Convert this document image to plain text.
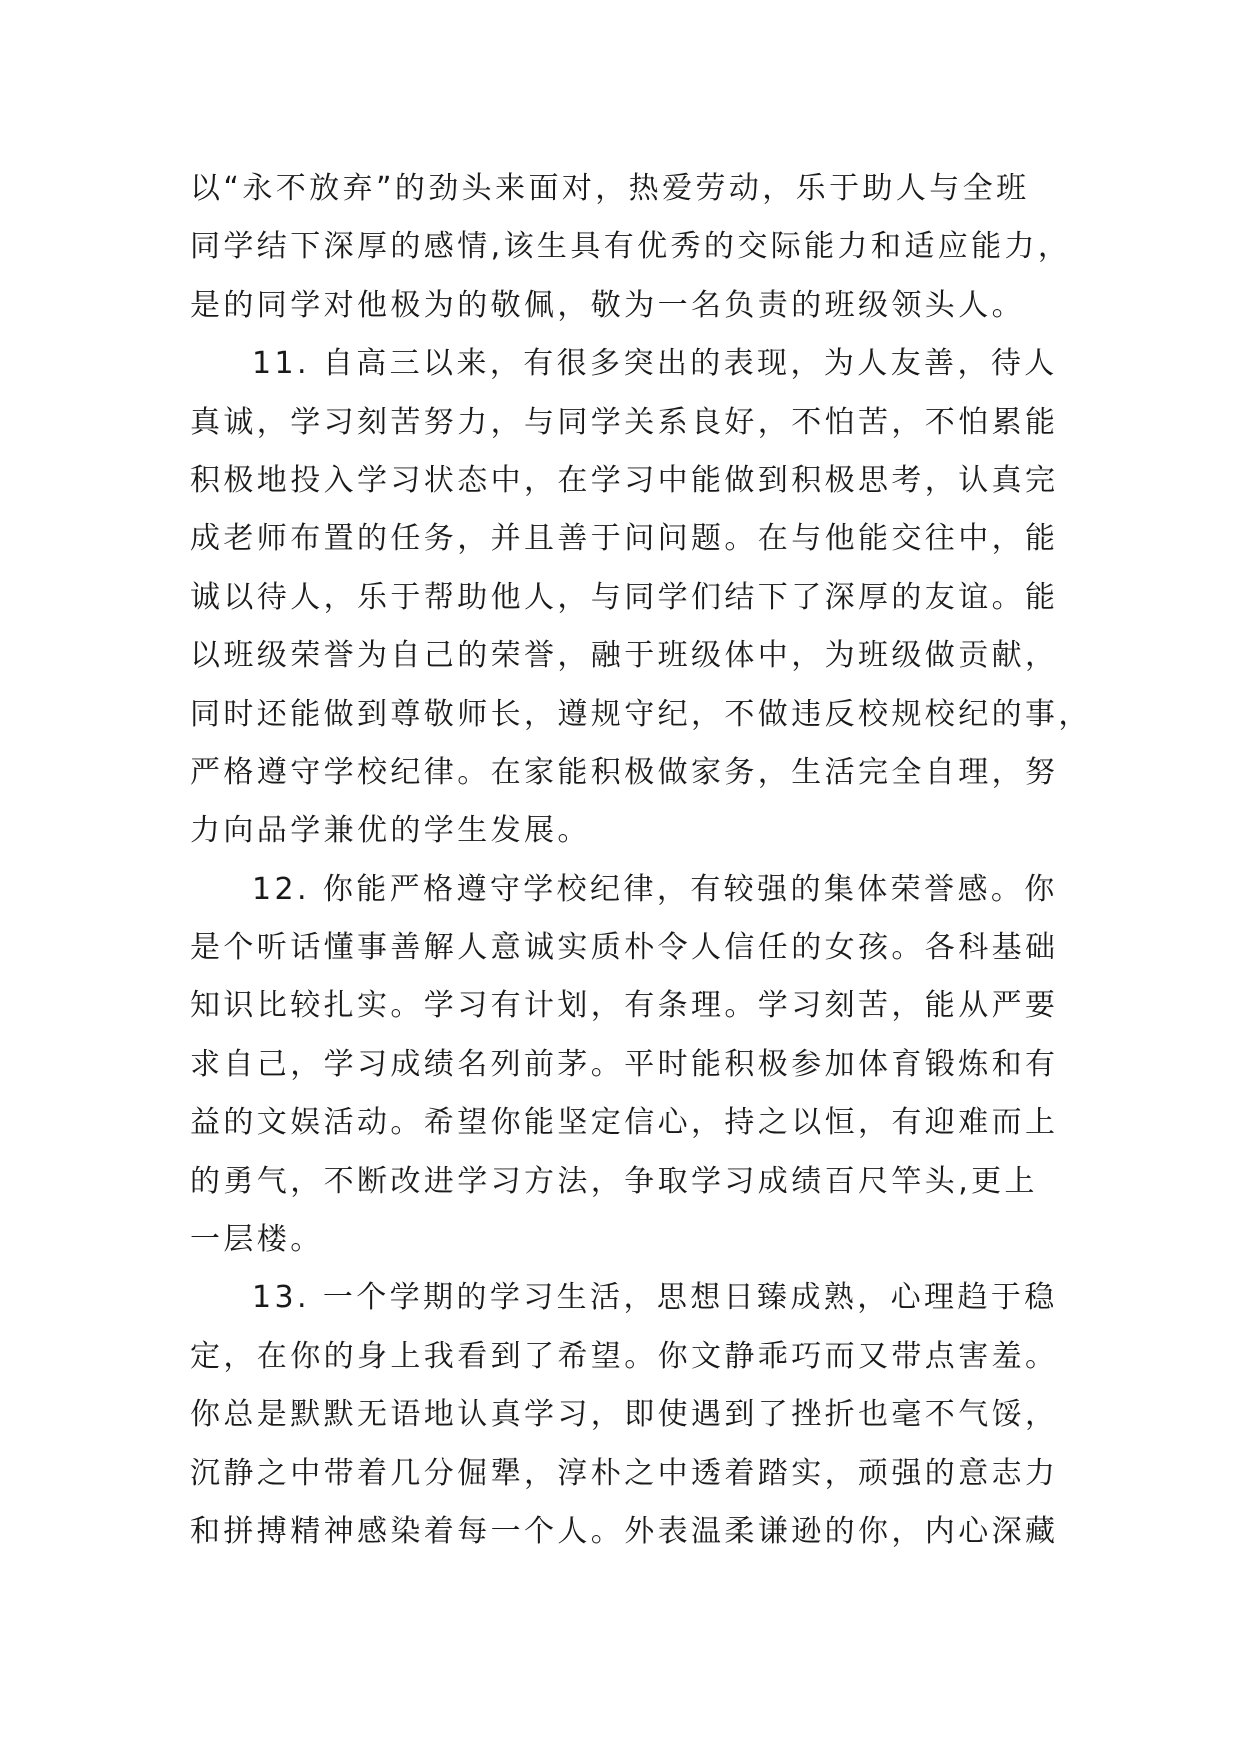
以“永不放弃”的劲头来面对，热爱劳动，乐于助人与全班
同学结下深厚的感情,该生具有优秀的交际能力和适应能力，
是的同学对他极为的敬佩，敬为一名负责的班级领头人。
11. 自高三以来，有很多突出的表现，为人友善，待人
真诚，学习刻苦努力，与同学关系良好，不怕苦，不怕累能
积极地投入学习状态中，在学习中能做到积极思考，认真完
成老师布置的任务，并且善于问问题。在与他能交往中，能
诚以待人，乐于帮助他人，与同学们结下了深厚的友谊。能
以班级荣誉为自己的荣誉，融于班级体中，为班级做贡献，
同时还能做到尊敬师长，遵规守纪，不做违反校规校纪的事，
严格遵守学校纪律。在家能积极做家务，生活完全自理，努
力向品学兼优的学生发展。
12. 你能严格遵守学校纪律，有较强的集体荣誉感。你
是个听话懂事善解人意诚实质朴令人信任的女孩。各科基础
知识比较扎实。学习有计划，有条理。学习刻苦，能从严要
求自己，学习成绩名列前茅。平时能积极参加体育锻炼和有
益的文娱活动。希望你能坚定信心，持之以恒，有迎难而上
的勇气，不断改进学习方法，争取学习成绩百尺竿头,更上
一层楼。
13. 一个学期的学习生活，思想日臻成熟，心理趋于稳
定，在你的身上我看到了希望。你文静乖巧而又带点害羞。
你总是默默无语地认真学习，即使遇到了挫折也毫不气馁，
沉静之中带着几分倔犟，淳朴之中透着踏实，顽强的意志力
和拼搏精神感染着每一个人。外表温柔谦逊的你，内心深藏
